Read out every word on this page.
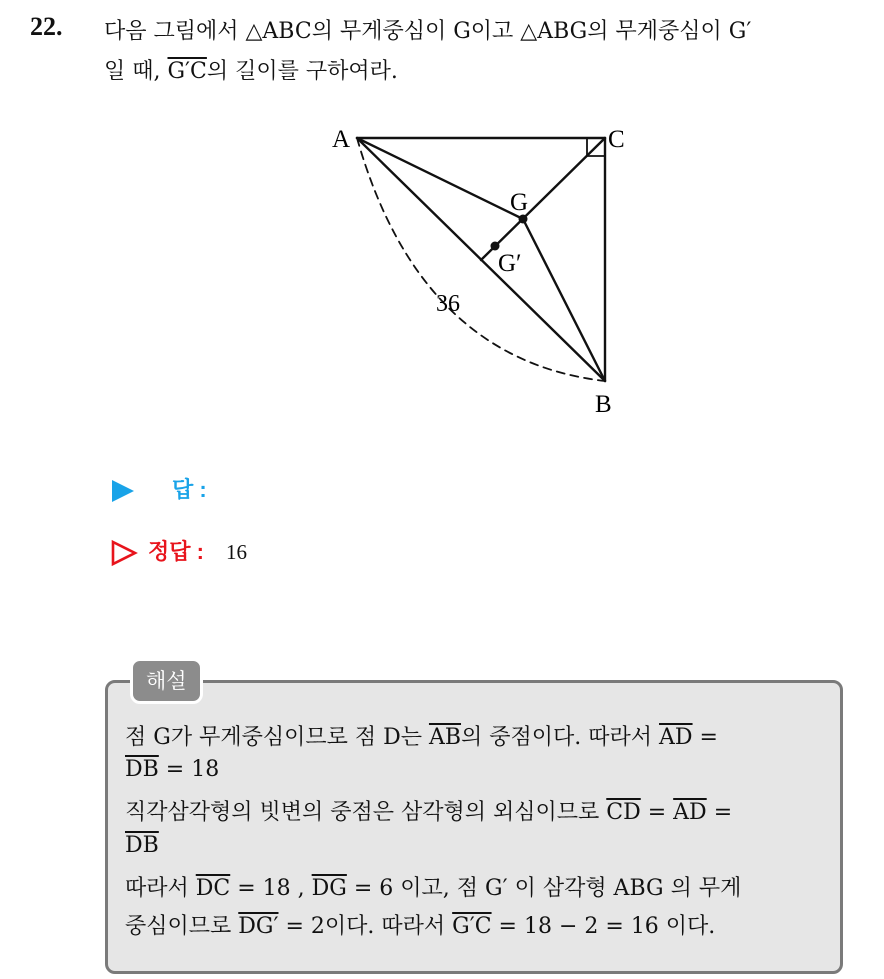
22. 다음 그림에서 △ABC의 무게중심이 G이고 △ABG의 무게중심이 G′
일 때, G′C의 길이를 구하여라.
A	C
B
G
G′
36
답 :
정답 : 16
해설
점 G가 무게중심이므로 점 D는 $\overline{AB}$의 중점이다. 따라서 $\overline{AD}$ =
$\overline{DB} = 18$
직각삼각형의 빗변의 중점은 삼각형의 외심이므로 $\overline{CD} = \overline{AD}$ =
$\overline{DB}$
따라서 $\overline{DC} = 18$ , $\overline{DG} = 6$ 이고, 점 G′ 이 삼각형 ABG 의 무게
중심이므로 DG′ = 2이다. 따라서 G′C = 18 − 2 = 16 이다.
